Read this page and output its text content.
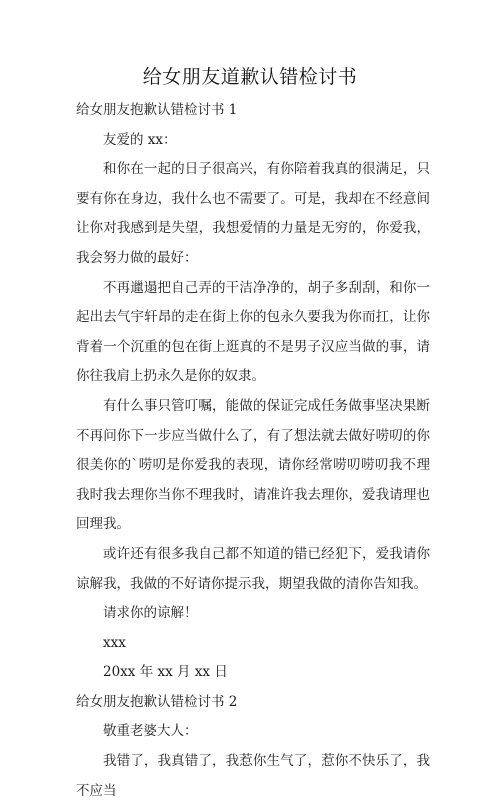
给女朋友道歉认错检讨书

给女朋友抱歉认错检讨书 1

友爱的 xx：

和你在一起的日子很高兴，有你陪着我真的很满足，只要有你在身边，我什么也不需要了。可是，我却在不经意间让你对我感到是失望，我想爱情的力量是无穷的，你爱我，我会努力做的最好：

不再邋遢把自己弄的干洁净净的，胡子多刮刮，和你一起出去气宇轩昂的走在街上你的包永久要我为你而扛，让你背着一个沉重的包在街上逛真的不是男子汉应当做的事，请你往我肩上扔永久是你的奴隶。

有什么事只管叮嘱，能做的保证完成任务做事坚决果断不再问你下一步应当做什么了，有了想法就去做好唠叨的你很美你的`唠叨是你爱我的表现，请你经常唠叨唠叨我不理我时我去理你当你不理我时，请准许我去理你，爱我请理也回理我。

或许还有很多我自己都不知道的错已经犯下，爱我请你谅解我，我做的不好请你提示我，期望我做的清你告知我。

请求你的谅解！

xxx

20xx 年 xx 月 xx 日

给女朋友抱歉认错检讨书 2

敬重老婆大人：

我错了，我真错了，我惹你生气了，惹你不快乐了，我不应当
